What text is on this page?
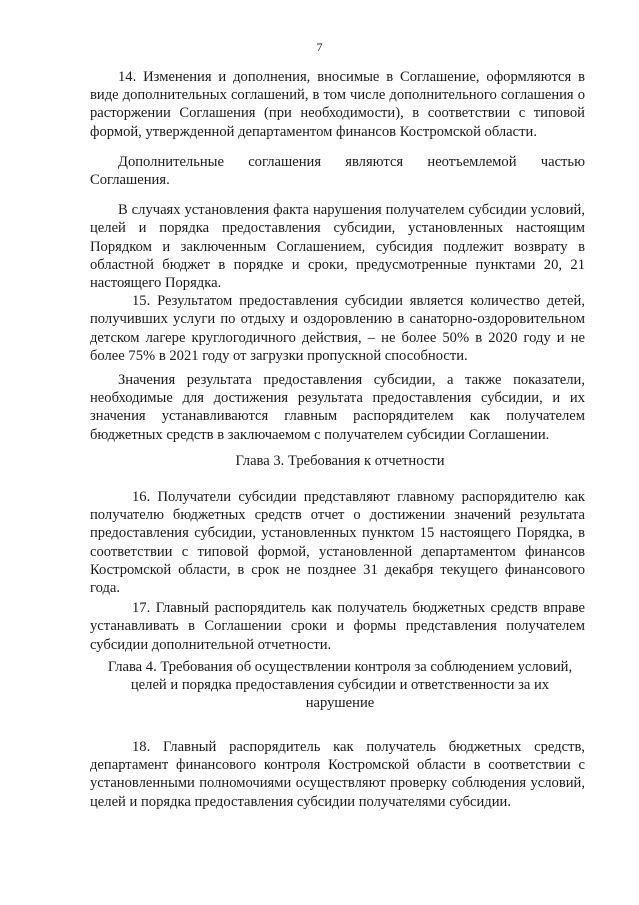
7

14. Изменения и дополнения, вносимые в Соглашение, оформляются в виде дополнительных соглашений, в том числе дополнительного соглашения о расторжении Соглашения (при необходимости), в соответствии с типовой формой, утвержденной департаментом финансов Костромской области.

Дополнительные соглашения являются неотъемлемой частью Соглашения.

В случаях установления факта нарушения получателем субсидии условий, целей и порядка предоставления субсидии, установленных настоящим Порядком и заключенным Соглашением, субсидия подлежит возврату в областной бюджет в порядке и сроки, предусмотренные пунктами 20, 21 настоящего Порядка.

15. Результатом предоставления субсидии является количество детей, получивших услуги по отдыху и оздоровлению в санаторно-оздоровительном детском лагере круглогодичного действия, – не более 50% в 2020 году и не более 75% в 2021 году от загрузки пропускной способности.

Значения результата предоставления субсидии, а также показатели, необходимые для достижения результата предоставления субсидии, и их значения устанавливаются главным распорядителем как получателем бюджетных средств в заключаемом с получателем субсидии Соглашении.

Глава 3. Требования к отчетности

16. Получатели субсидии представляют главному распорядителю как получателю бюджетных средств отчет о достижении значений результата предоставления субсидии, установленных пунктом 15 настоящего Порядка, в соответствии с типовой формой, установленной департаментом финансов Костромской области, в срок не позднее 31 декабря текущего финансового года.

17. Главный распорядитель как получатель бюджетных средств вправе устанавливать в Соглашении сроки и формы представления получателем субсидии дополнительной отчетности.

Глава 4. Требования об осуществлении контроля за соблюдением условий, целей и порядка предоставления субсидии и ответственности за их нарушение

18. Главный распорядитель как получатель бюджетных средств, департамент финансового контроля Костромской области в соответствии с установленными полномочиями осуществляют проверку соблюдения условий, целей и порядка предоставления субсидии получателями субсидии.
